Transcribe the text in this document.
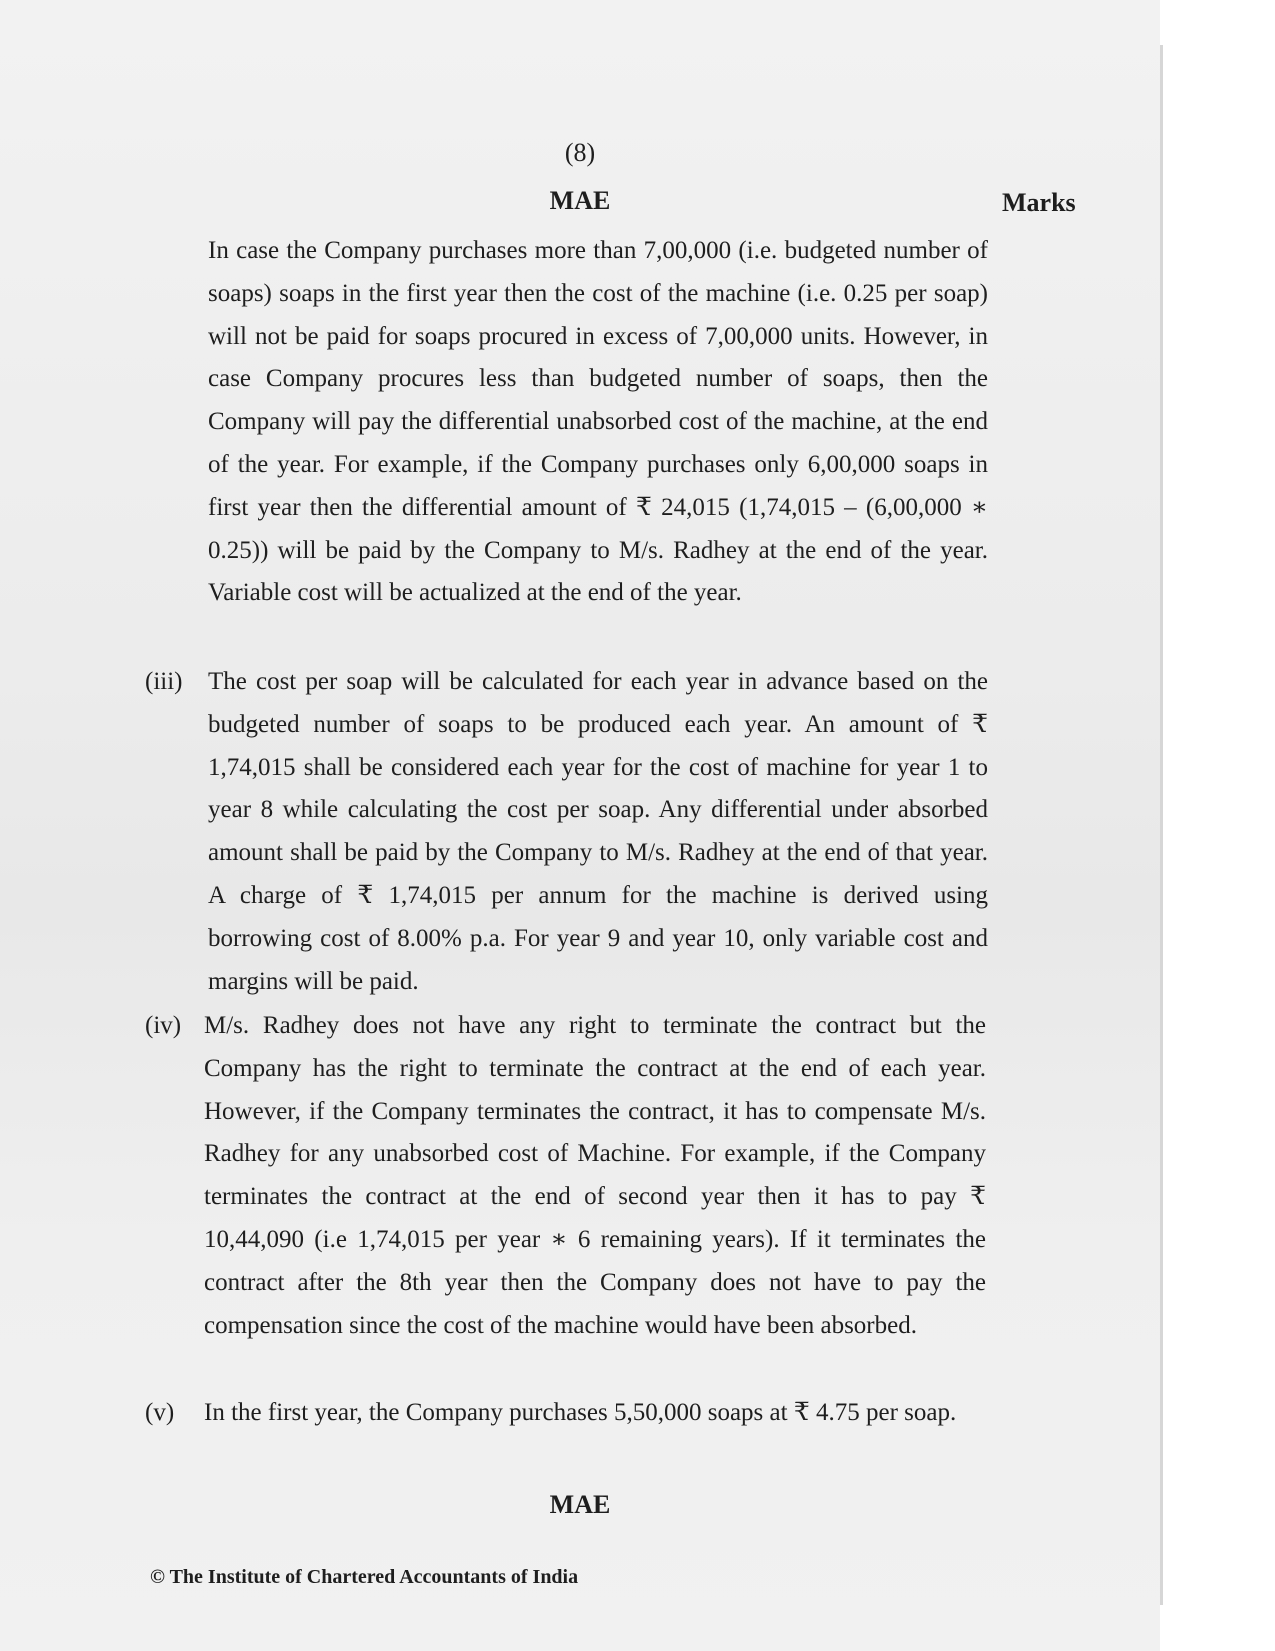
(8)
MAE	Marks
In case the Company purchases more than 7,00,000 (i.e. budgeted number of soaps) soaps in the first year then the cost of the machine (i.e. 0.25 per soap) will not be paid for soaps procured in excess of 7,00,000 units. However, in case Company procures less than budgeted number of soaps, then the Company will pay the differential unabsorbed cost of the machine, at the end of the year. For example, if the Company purchases only 6,00,000 soaps in first year then the differential amount of ₹ 24,015 (1,74,015 – (6,00,000 ∗ 0.25)) will be paid by the Company to M/s. Radhey at the end of the year. Variable cost will be actualized at the end of the year.
(iii) The cost per soap will be calculated for each year in advance based on the budgeted number of soaps to be produced each year. An amount of ₹ 1,74,015 shall be considered each year for the cost of machine for year 1 to year 8 while calculating the cost per soap. Any differential under absorbed amount shall be paid by the Company to M/s. Radhey at the end of that year. A charge of ₹ 1,74,015 per annum for the machine is derived using borrowing cost of 8.00% p.a. For year 9 and year 10, only variable cost and margins will be paid.
(iv) M/s. Radhey does not have any right to terminate the contract but the Company has the right to terminate the contract at the end of each year. However, if the Company terminates the contract, it has to compensate M/s. Radhey for any unabsorbed cost of Machine. For example, if the Company terminates the contract at the end of second year then it has to pay ₹ 10,44,090 (i.e 1,74,015 per year ∗ 6 remaining years). If it terminates the contract after the 8th year then the Company does not have to pay the compensation since the cost of the machine would have been absorbed.
(v) In the first year, the Company purchases 5,50,000 soaps at ₹ 4.75 per soap.
MAE
© The Institute of Chartered Accountants of India
